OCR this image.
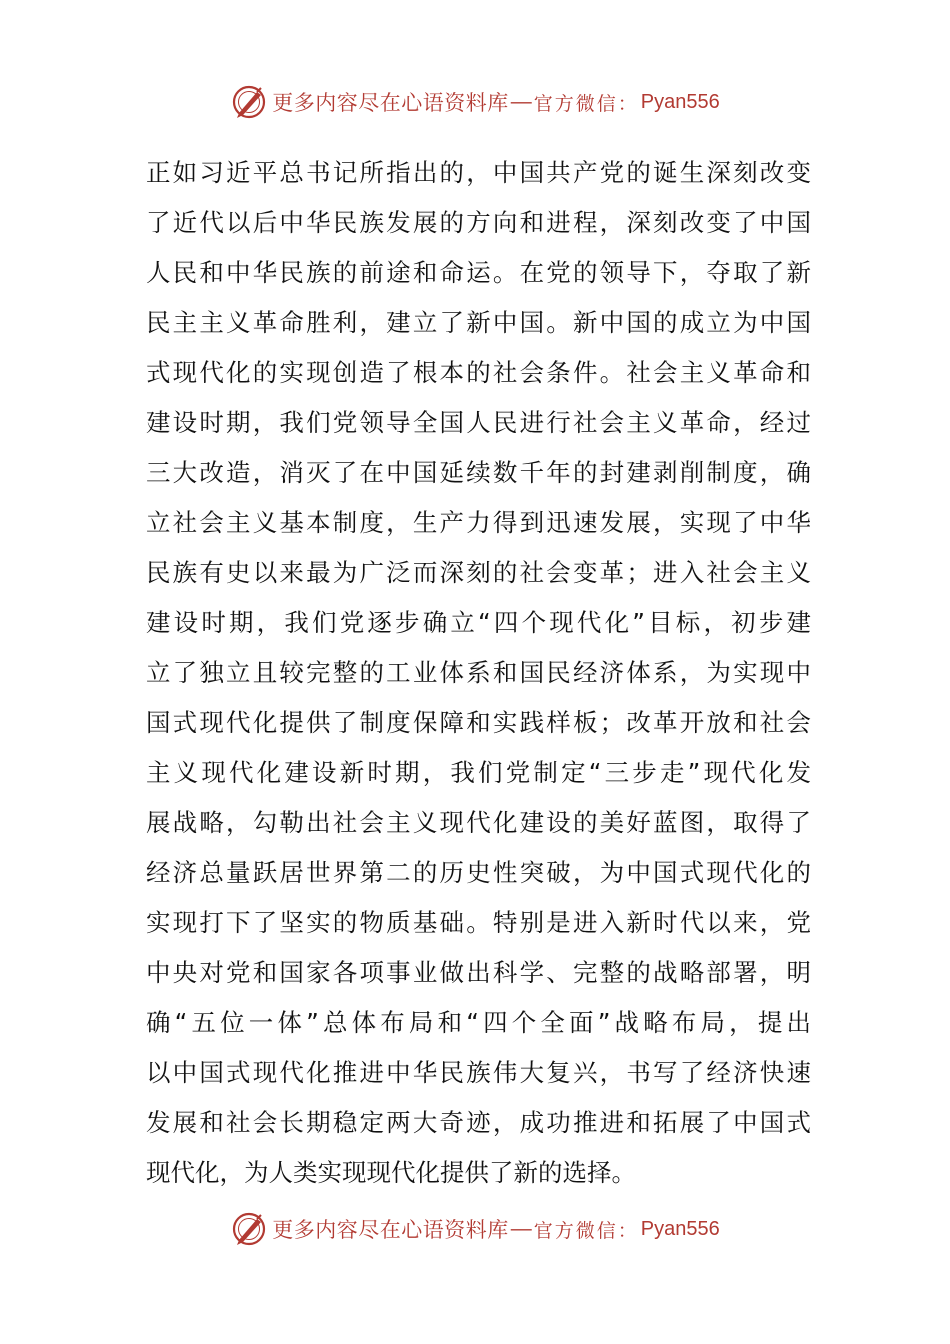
更多内容尽在心语资料库 — 官方微信： Pyan556
正如习近平总书记所指出的，中国共产党的诞生深刻改变
了近代以后中华民族发展的方向和进程，深刻改变了中国
人民和中华民族的前途和命运。在党的领导下，夺取了新
民主主义革命胜利，建立了新中国。新中国的成立为中国
式现代化的实现创造了根本的社会条件。社会主义革命和
建设时期，我们党领导全国人民进行社会主义革命，经过
三大改造，消灭了在中国延续数千年的封建剥削制度，确
立社会主义基本制度，生产力得到迅速发展，实现了中华
民族有史以来最为广泛而深刻的社会变革；进入社会主义
建设时期，我们党逐步确立“四个现代化”目标，初步建
立了独立且较完整的工业体系和国民经济体系，为实现中
国式现代化提供了制度保障和实践样板；改革开放和社会
主义现代化建设新时期，我们党制定“三步走”现代化发
展战略，勾勒出社会主义现代化建设的美好蓝图，取得了
经济总量跃居世界第二的历史性突破，为中国式现代化的
实现打下了坚实的物质基础。特别是进入新时代以来，党
中央对党和国家各项事业做出科学、完整的战略部署，明
确“五位一体”总体布局和“四个全面”战略布局，提出
以中国式现代化推进中华民族伟大复兴，书写了经济快速
发展和社会长期稳定两大奇迹，成功推进和拓展了中国式
现代化，为人类实现现代化提供了新的选择。
更多内容尽在心语资料库 — 官方微信： Pyan556
